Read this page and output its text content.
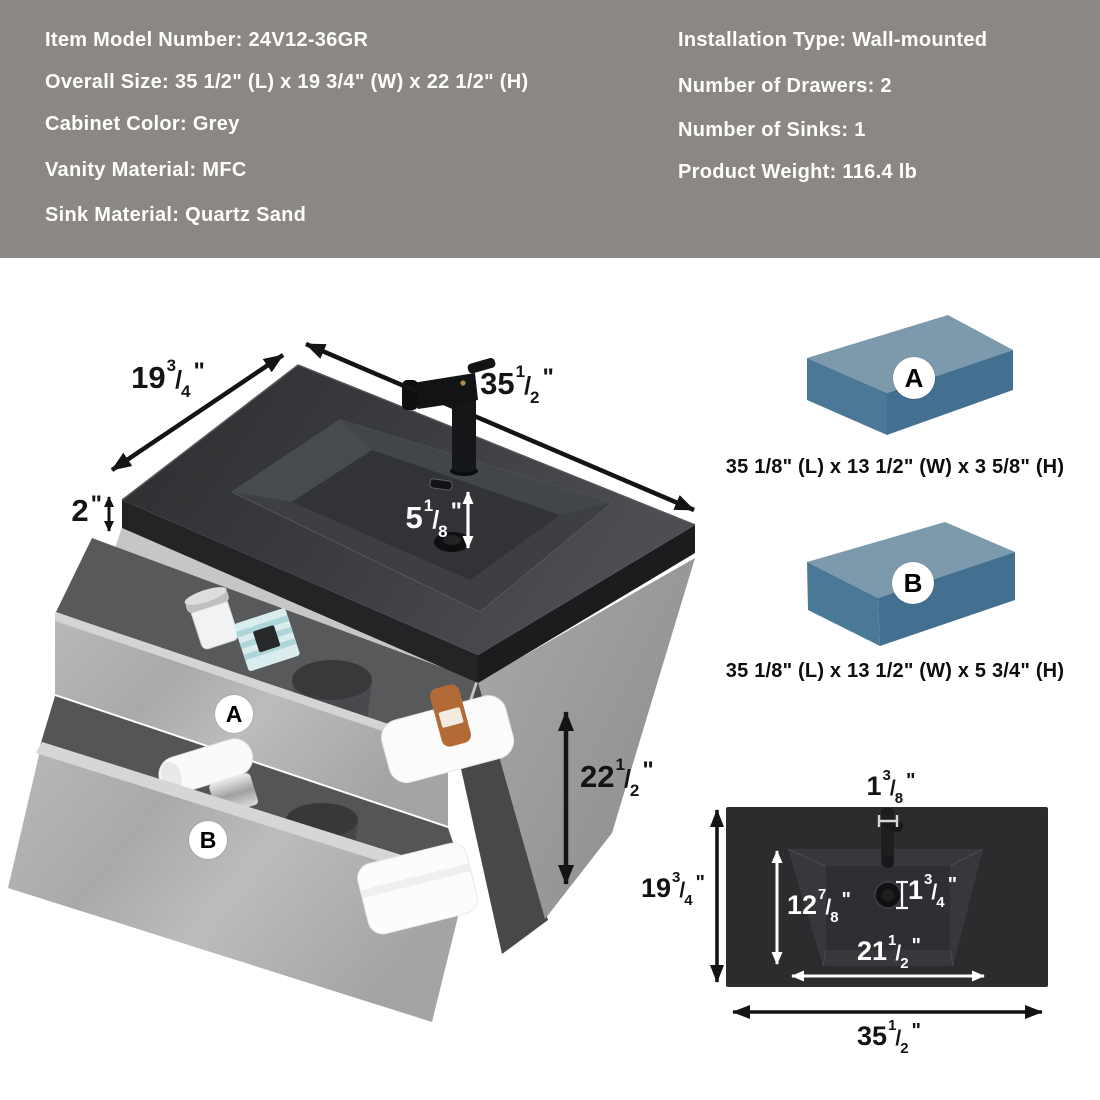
Item Model Number: 24V12-36GR
Overall Size: 35 1/2" (L) x 19 3/4" (W) x 22 1/2" (H)
Cabinet Color: Grey
Vanity Material: MFC
Sink Material: Quartz Sand
Installation Type: Wall-mounted
Number of Drawers: 2
Number of Sinks: 1
Product Weight: 116.4 lb
$19^3/_4$"	$35^1/_2$"
2"	$5^1/_8$"
$22^1/_2$"
A
B
A
35 1/8" (L) x 13 1/2" (W) x 3 5/8" (H)
B
35 1/8" (L) x 13 1/2" (W) x 5 3/4" (H)
$1^3/_8$"
$19^3/_4$"
$12^7/_8$"	$1^3/_4$"
$21^1/_2$"
$35^1/_2$"
